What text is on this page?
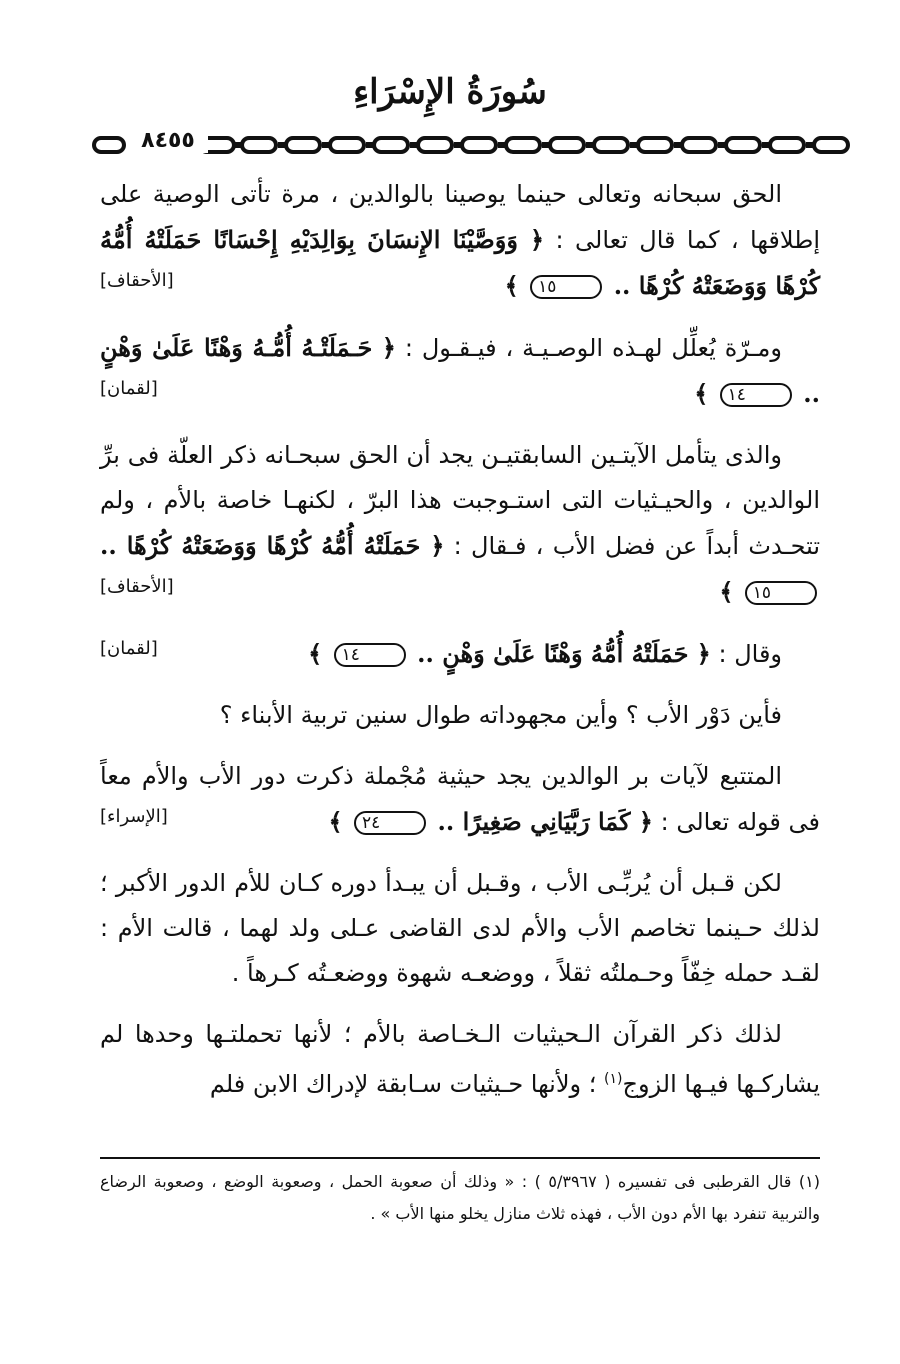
سُورَةُ الإِسْرَاءِ
٨٤٥٥

الحق سبحانه وتعالى حينما يوصينا بالوالدين ، مرة تأتى الوصية على إطلاقها ، كما قال تعالى : ﴿ وَوَصَّيْنَا الإِنسَانَ بِوَالِدَيْهِ إِحْسَانًا حَمَلَتْهُ أُمُّهُ كُرْهًا وَوَضَعَتْهُ كُرْهًا .. ١٥ ﴾
[الأحقاف]

ومـرّة يُعلِّل لهـذه الوصـيـة ، فيـقـول : ﴿ حَـمَلَتْـهُ أُمُّـهُ وَهْنًا عَلَىٰ وَهْنٍ .. ١٤ ﴾
[لقمان]

والذى يتأمل الآيتـين السابقتيـن يجد أن الحق سبحـانه ذكر العلّة فى برِّ الوالدين ، والحيـثيات التى استـوجبت هذا البرّ ، لكنهـا خاصة بالأم ، ولم تتحـدث أبداً عن فضل الأب ، فـقال : ﴿ حَمَلَتْهُ أُمُّهُ كُرْهًا وَوَضَعَتْهُ كُرْهًا .. ١٥ ﴾
[الأحقاف]

وقال : ﴿ حَمَلَتْهُ أُمُّهُ وَهْنًا عَلَىٰ وَهْنٍ .. ١٤ ﴾
[لقمان]

فأين دَوْر الأب ؟ وأين مجهوداته طوال سنين تربية الأبناء ؟

المتتبع لآيات بر الوالدين يجد حيثية مُجْملة ذكرت دور الأب والأم معاً فى قوله تعالى : ﴿ كَمَا رَبَّيَانِي صَغِيرًا .. ٢٤ ﴾
[الإسراء]

لكن قـبل أن يُربِّـى الأب ، وقـبل أن يبـدأ دوره كـان للأم الدور الأكبر ؛ لذلك حـينما تخاصم الأب والأم لدى القاضى عـلى ولد لهما ، قالت الأم : لقـد حمله خِفّاً وحـملتُه ثقلاً ، ووضعـه شهوة ووضعـتُه كـرهاً .

لذلك ذكر القرآن الـحيثيات الـخـاصة بالأم ؛ لأنها تحملتـها وحدها لم يشاركـها فيـها الزوج$^{(١)}$ ؛ ولأنها حـيثيات سـابقة لإدراك الابن فلم

(١) قال القرطبى فى تفسيره ( ٥/٣٩٦٧ ) : « وذلك أن صعوبة الحمل ، وصعوبة الوضع ، وصعوبة الرضاع والتربية تنفرد بها الأم دون الأب ، فهذه ثلاث منازل يخلو منها الأب » .
